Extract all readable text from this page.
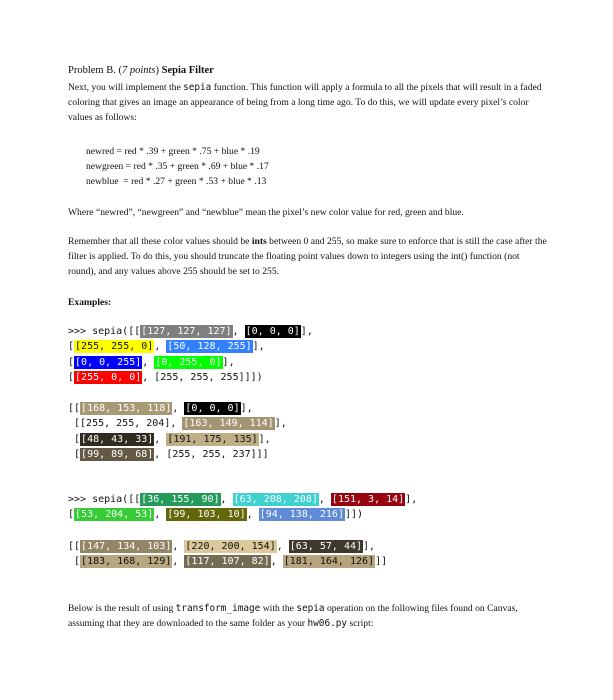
Problem B. (7 points) Sepia Filter
Next, you will implement the sepia function. This function will apply a formula to all the pixels that will result in a faded coloring that gives an image an appearance of being from a long time ago. To do this, we will update every pixel’s color values as follows:
newred = red * .39 + green * .75 + blue * .19
newgreen = red * .35 + green * .69 + blue * .17
newblue  = red * .27 + green * .53 + blue * .13
Where “newred”, “newgreen” and “newblue” mean the pixel’s new color value for red, green and blue.
Remember that all these color values should be ints between 0 and 255, so make sure to enforce that is still the case after the filter is applied. To do this, you should truncate the floating point values down to integers using the int() function (not round), and any values above 255 should be set to 255.
Examples:
>>> sepia([[[127, 127, 127], [0, 0, 0]],
[[255, 255, 0], [50, 128, 255]],
[[0, 0, 255], [0, 255, 0]],
[[255, 0, 0], [255, 255, 255]]])
[[[168, 153, 118], [0, 0, 0]],
[[255, 255, 204], [163, 149, 114]],
[[48, 43, 33], [191, 175, 135]],
[[99, 89, 68], [255, 255, 237]]]
>>> sepia([[[36, 155, 90], [63, 208, 208], [151, 3, 14]],
[[53, 204, 53], [99, 103, 10], [94, 138, 216]]])
[[[147, 134, 103], [220, 200, 154], [63, 57, 44]],
[[183, 168, 129], [117, 107, 82], [181, 164, 126]]]
Below is the result of using transform_image with the sepia operation on the following files found on Canvas, assuming that they are downloaded to the same folder as your hw06.py script:
